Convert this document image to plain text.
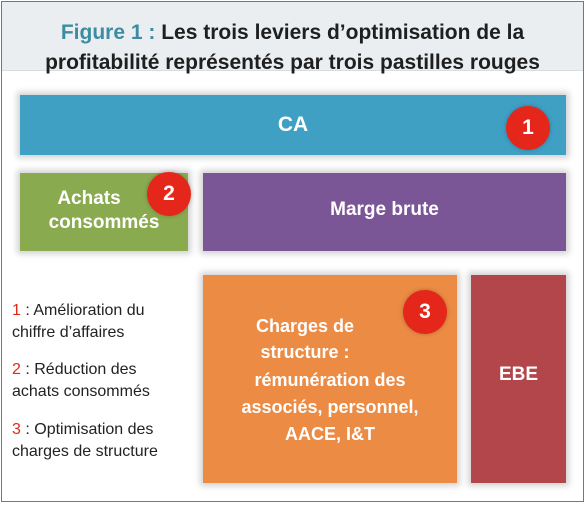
Figure 1 : Les trois leviers d’optimisation de la
profitabilité représentés par trois pastilles rouges
CA	1
Achats
consommés
2
Marge brute
Charges de
structure :
rémunération des
associés, personnel,
AACE, I&T
3
EBE
1 : Amélioration du
chiffre d’affaires
2 : Réduction des
achats consommés
3 : Optimisation des
charges de structure
